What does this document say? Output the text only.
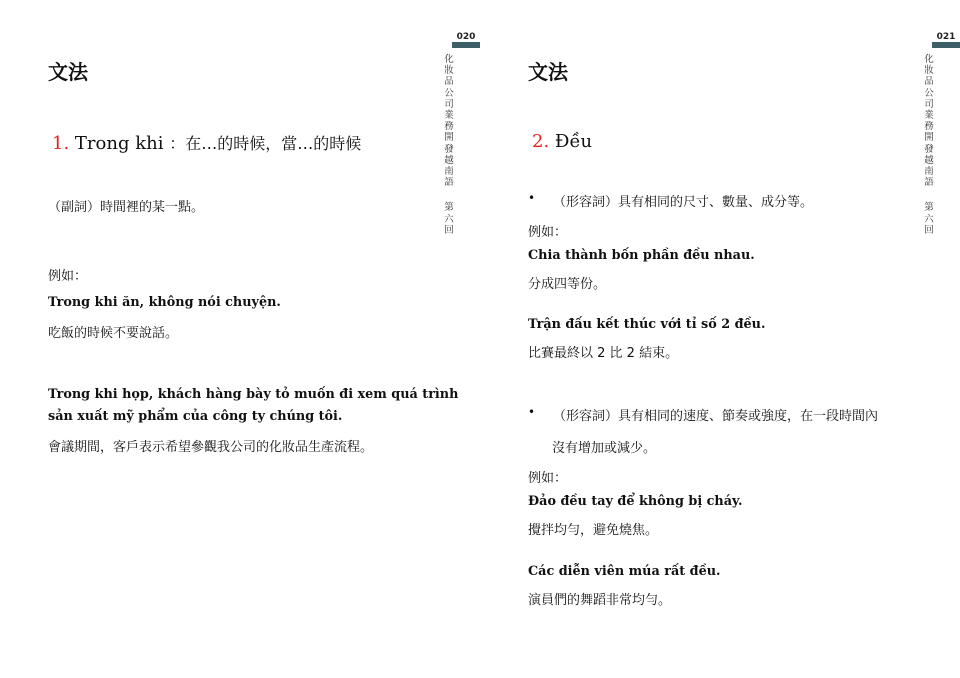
020
化妝品公司業務開發越南語
第六回
文法
1. Trong khi ：在…的時候，當…的時候
（副詞）時間裡的某一點。
例如：
Trong khi ăn, không nói chuyện.
吃飯的時候不要說話。
Trong khi họp, khách hàng bày tỏ muốn đi xem quá trình
sản xuất mỹ phẩm của công ty chúng tôi.
會議期間，客戶表示希望參觀我公司的化妝品生產流程。
021
化妝品公司業務開發越南語
第六回
文法
2. Đều
• （形容詞）具有相同的尺寸、數量、成分等。
例如：
Chia thành bốn phần đều nhau.
分成四等份。
Trận đấu kết thúc với tỉ số 2 đều.
比賽最終以 2 比 2 結束。
• （形容詞）具有相同的速度、節奏或強度，在一段時間內
沒有增加或減少。
例如：
Đảo đều tay để không bị cháy.
攪拌均勻，避免燒焦。
Các diễn viên múa rất đều.
演員們的舞蹈非常均勻。
